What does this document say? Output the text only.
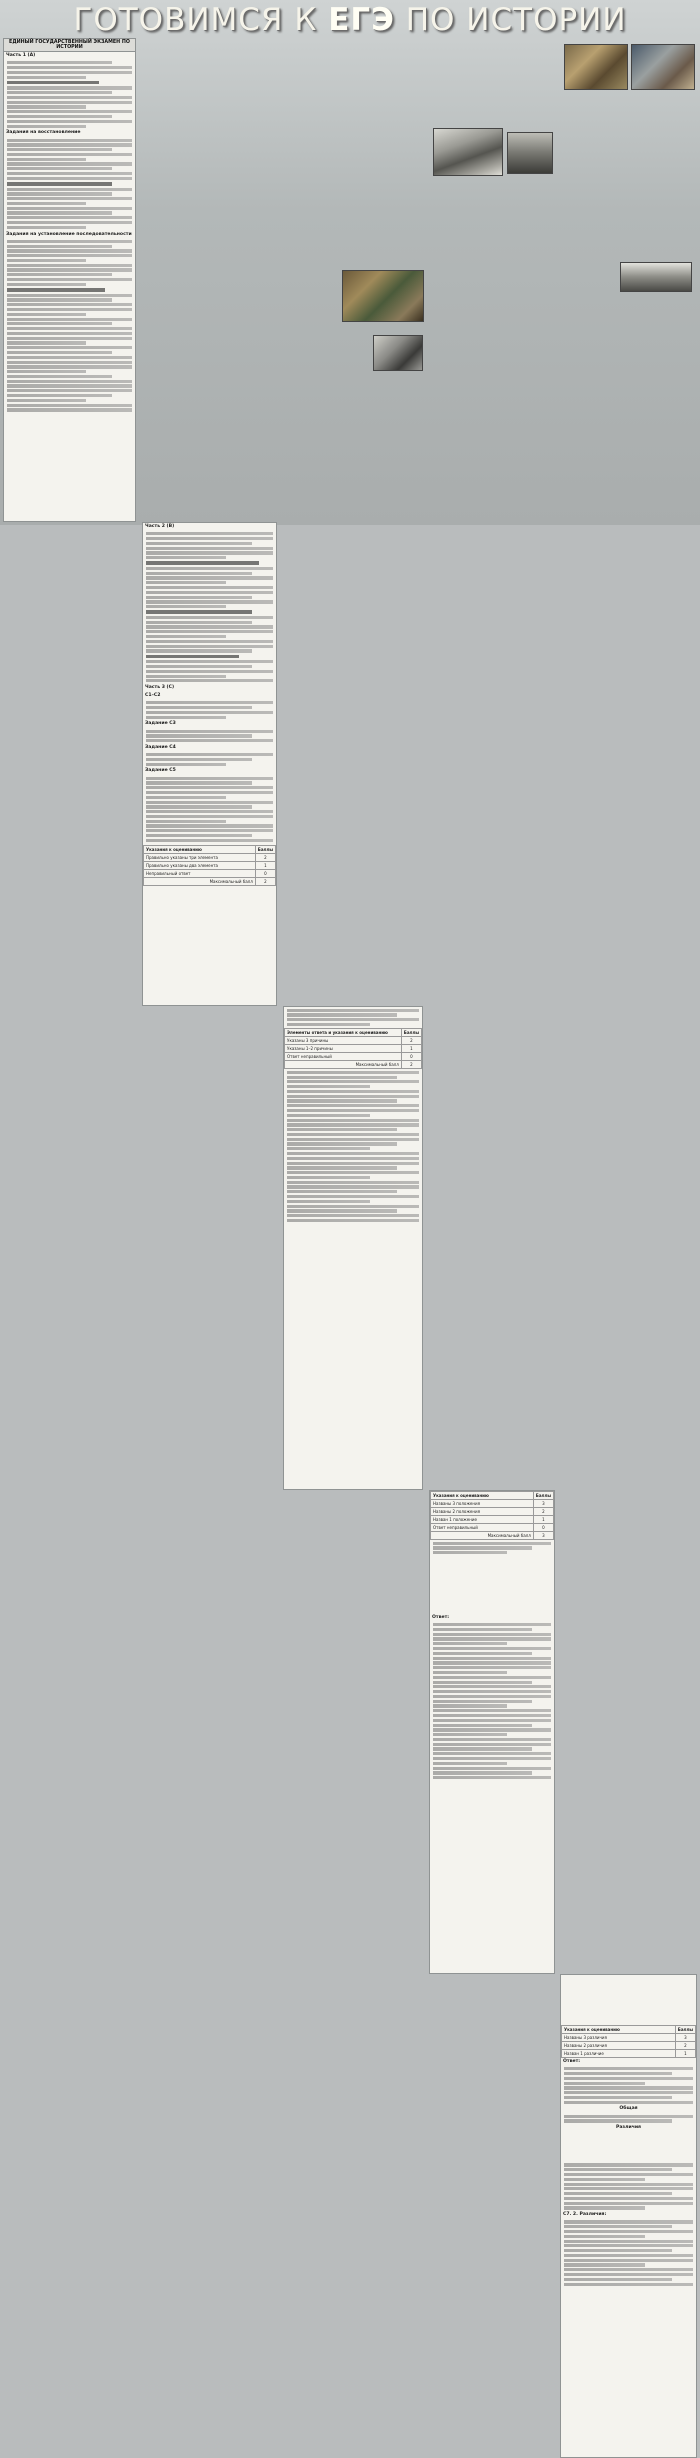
ГОТОВИМСЯ К ЕГЭ ПО ИСТОРИИ
ЕДИНЫЙ ГОСУДАРСТВЕННЫЙ ЭКЗАМЕН ПО ИСТОРИИ
Часть 1 (А)
Задания на восстановление
Задания на установление последовательности
Часть 2 (В)
Часть 3 (С)
С1–С2
Задание С3
Задание С4
Задание С5
Указания к оцениванию	Баллы
Правильно указаны три элемента	2
Правильно указаны два элемента	1
Неправильный ответ	0
Максимальный балл	2
Элементы ответа и указания к оцениванию	Баллы
Указаны 3 причины	2
Указаны 1–2 причины	1
Ответ неправильный	0
Максимальный балл	2
Указания к оцениванию	Баллы
Названы 3 положения	3
Названы 2 положения	2
Назван 1 положение	1
Ответ неправильный	0
Максимальный балл	3
Ответ:
Указания к оцениванию	Баллы
Названы 3 различия	3
Названы 2 различия	2
Назван 1 различие	1
Ответ:
Общая
Различия
С7. 2. Различия:
